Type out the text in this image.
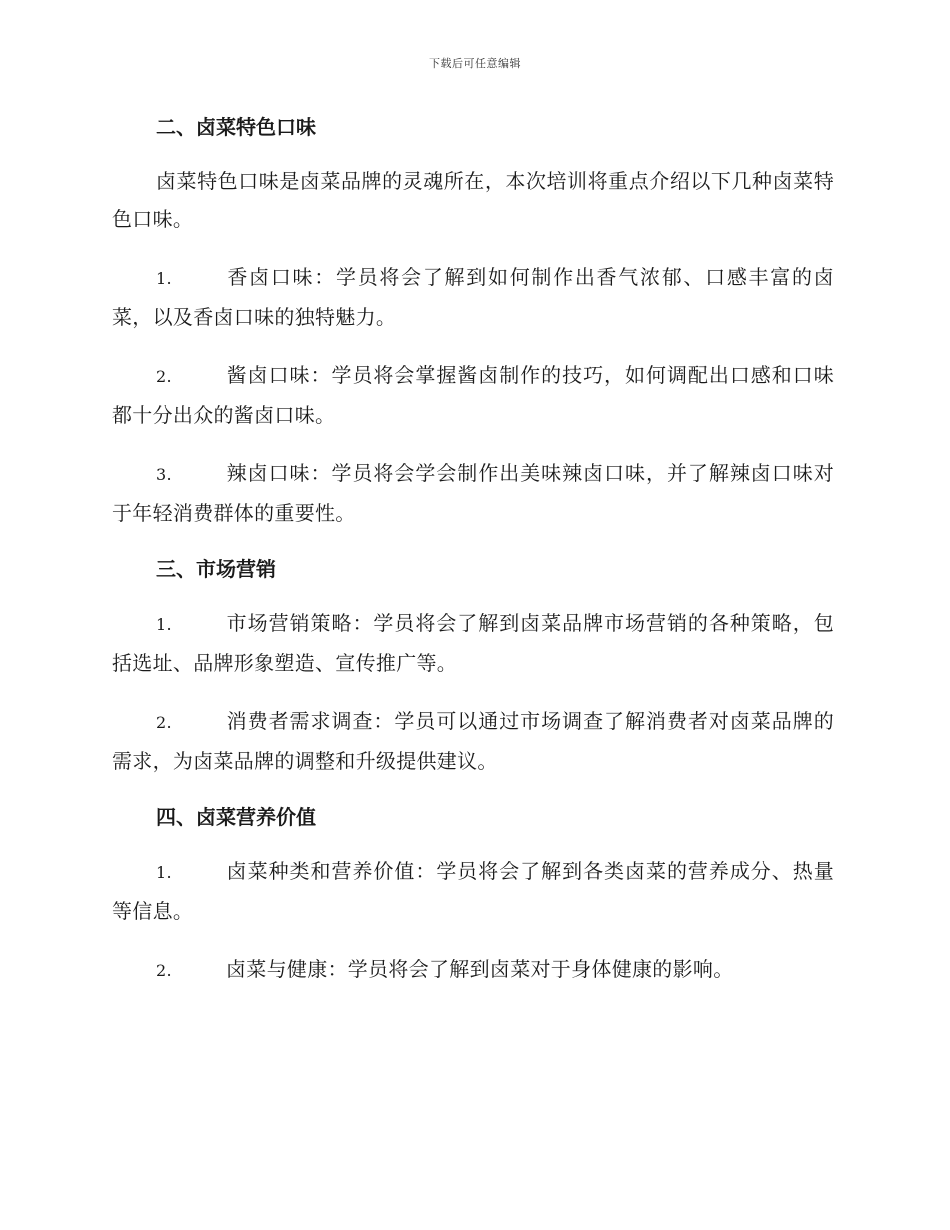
下载后可任意编辑
二、卤菜特色口味

卤菜特色口味是卤菜品牌的灵魂所在，本次培训将重点介绍以下几种卤菜特色口味。

1.	香卤口味：学员将会了解到如何制作出香气浓郁、口感丰富的卤菜，以及香卤口味的独特魅力。

2.	酱卤口味：学员将会掌握酱卤制作的技巧，如何调配出口感和口味都十分出众的酱卤口味。

3.	辣卤口味：学员将会学会制作出美味辣卤口味，并了解辣卤口味对于年轻消费群体的重要性。

三、市场营销

1.	市场营销策略：学员将会了解到卤菜品牌市场营销的各种策略，包括选址、品牌形象塑造、宣传推广等。

2.	消费者需求调查：学员可以通过市场调查了解消费者对卤菜品牌的需求，为卤菜品牌的调整和升级提供建议。

四、卤菜营养价值

1.	卤菜种类和营养价值：学员将会了解到各类卤菜的营养成分、热量等信息。

2.	卤菜与健康：学员将会了解到卤菜对于身体健康的影响。
